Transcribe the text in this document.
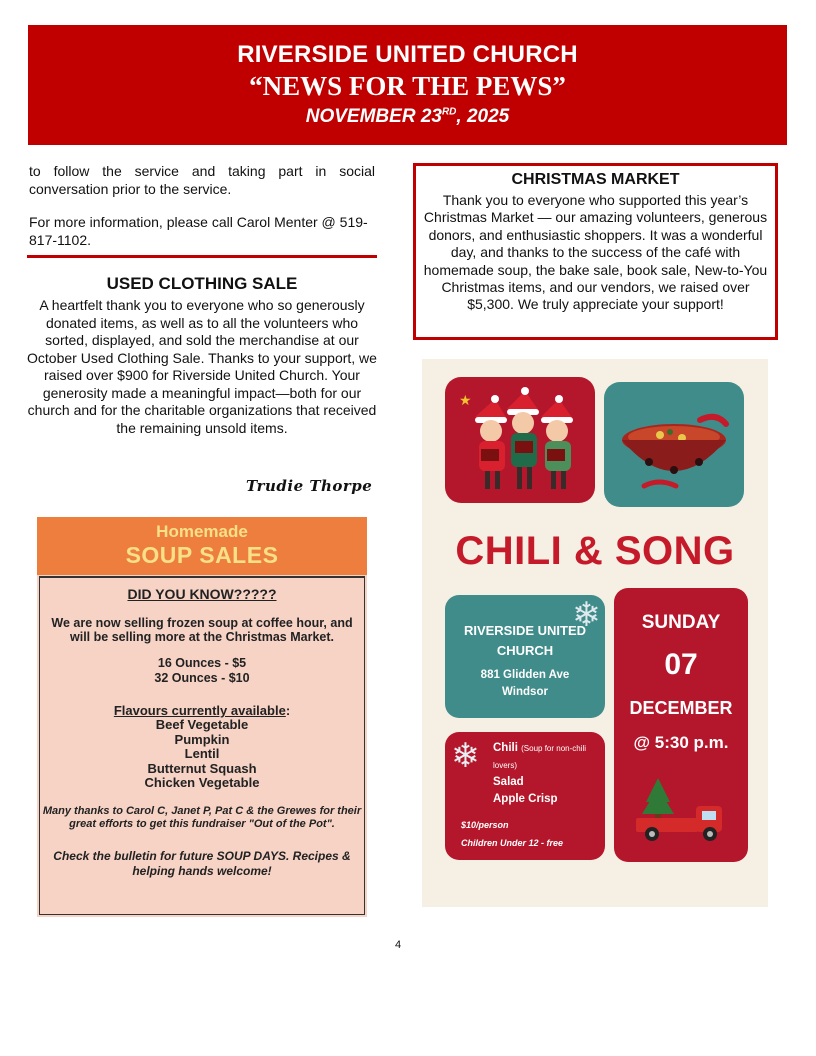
RIVERSIDE UNITED CHURCH
“NEWS FOR THE PEWS”
NOVEMBER 23RD, 2025

to follow the service and taking part in social conversation prior to the service.

For more information, please call Carol Menter @ 519-817-1102.

USED CLOTHING SALE

A heartfelt thank you to everyone who so generously donated items, as well as to all the volunteers who sorted, displayed, and sold the merchandise at our October Used Clothing Sale. Thanks to your support, we raised over $900 for Riverside United Church. Your generosity made a meaningful impact—both for our church and for the charitable organizations that received the remaining unsold items.

Trudie Thorpe
CHRISTMAS MARKET

Thank you to everyone who supported this year’s Christmas Market — our amazing volunteers, generous donors, and enthusiastic shoppers. It was a wonderful day, and thanks to the success of the café with homemade soup, the bake sale, book sale, New-to-You Christmas items, and our vendors, we raised over $5,300. We truly appreciate your support!

Homemade
SOUP SALES
DID YOU KNOW?????
We are now selling frozen soup at coffee hour, and will be selling more at the Christmas Market.
16 Ounces - $5
32 Ounces - $10
Flavours currently available:
Beef Vegetable
Pumpkin
Lentil
Butternut Squash
Chicken Vegetable
Many thanks to Carol C, Janet P, Pat C & the Grewes for their great efforts to get this fundraiser "Out of the Pot".
Check the bulletin for future SOUP DAYS. Recipes & helping hands welcome!
★
CHILI & SONG
RIVERSIDE UNITED
CHURCH
881 Glidden Ave
Windsor
❄	SUNDAY
07
DECEMBER
@ 5:30 p.m.
❄ Chili (Soup for non-chili lovers)
Salad
Apple Crisp
$10/person
Children Under 12 - free
4
